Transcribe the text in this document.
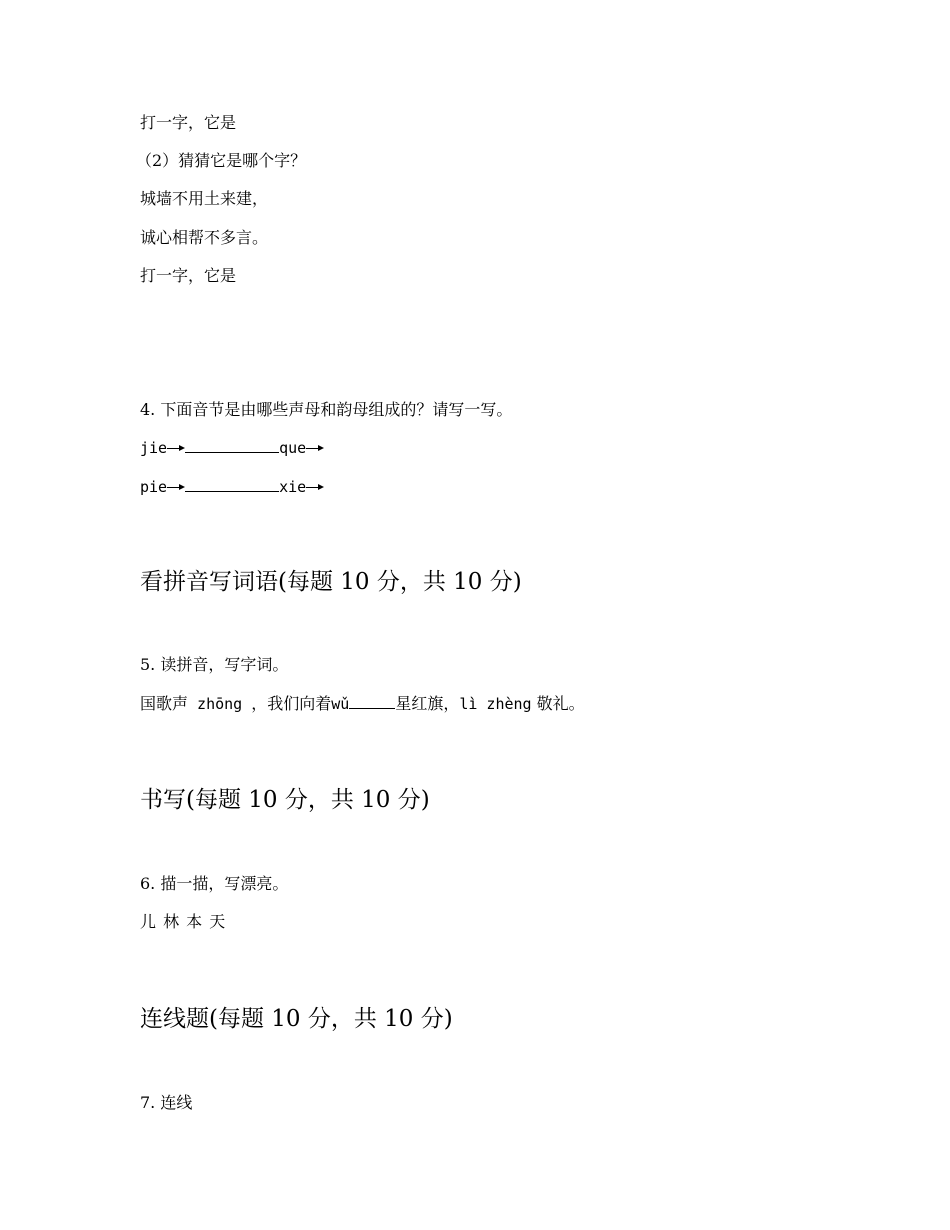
打一字，它是
（2）猜猜它是哪个字？
城墙不用土来建，
诚心相帮不多言。
打一字，它是
4. 下面音节是由哪些声母和韵母组成的？请写一写。
jie	que
pie	xie
看拼音写词语(每题 10 分，共 10 分)
5. 读拼音，写字词。
国歌声 zhōng ，我们向着wǔ	星红旗，lì zhèng 敬礼。
书写(每题 10 分，共 10 分)
6. 描一描，写漂亮。
儿 林 本 天
连线题(每题 10 分，共 10 分)
7. 连线
